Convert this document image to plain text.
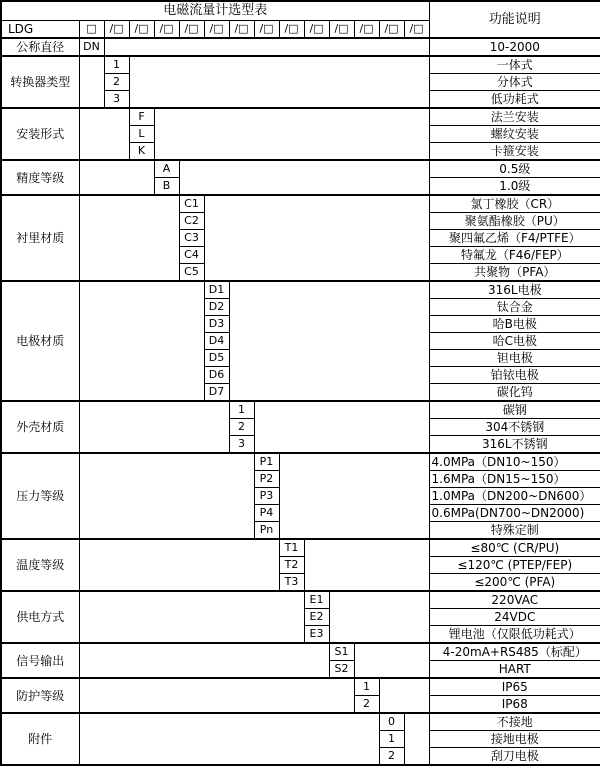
电磁流量计选型表															功能说明
LDG	□	/□	/□	/□	/□	/□	/□	/□	/□	/□	/□	/□	/□	/□	
公称直径	DN														10-2000
转换器类型		1													一体式
		2													分体式
		3													低功耗式
安装形式			F												法兰安装
			L												螺纹安装
			K												卡箍安装
精度等级				A											0.5级
				B											1.0级
衬里材质					C1										氯丁橡胶（CR）
					C2										聚氨酯橡胶（PU）
					C3										聚四氟乙烯（F4/PTFE）
					C4										特氟龙（F46/FEP）
					C5										共聚物（PFA）
电极材质						D1									316L电极
						D2									钛合金
						D3									哈B电极
						D4									哈C电极
						D5									钽电极
						D6									铂铱电极
						D7									碳化钨
外壳材质							1								碳钢
							2								304不锈钢
							3								316L不锈钢
压力等级								P1							4.0MPa（DN10~150）
								P2							1.6MPa（DN15~150）
								P3							1.0MPa（DN200~DN600）
								P4							0.6MPa(DN700~DN2000)
								Pn							特殊定制
温度等级									T1						≤80℃ (CR/PU)
									T2						≤120℃ (PTEP/FEP)
									T3						≤200℃ (PFA)
供电方式										E1					220VAC
										E2					24VDC
										E3					锂电池（仅限低功耗式）
信号输出											S1				4-20mA+RS485（标配）
											S2				HART
防护等级												1			IP65
												2			IP68
附件													0		不接地
													1		接地电极
													2		刮刀电极
